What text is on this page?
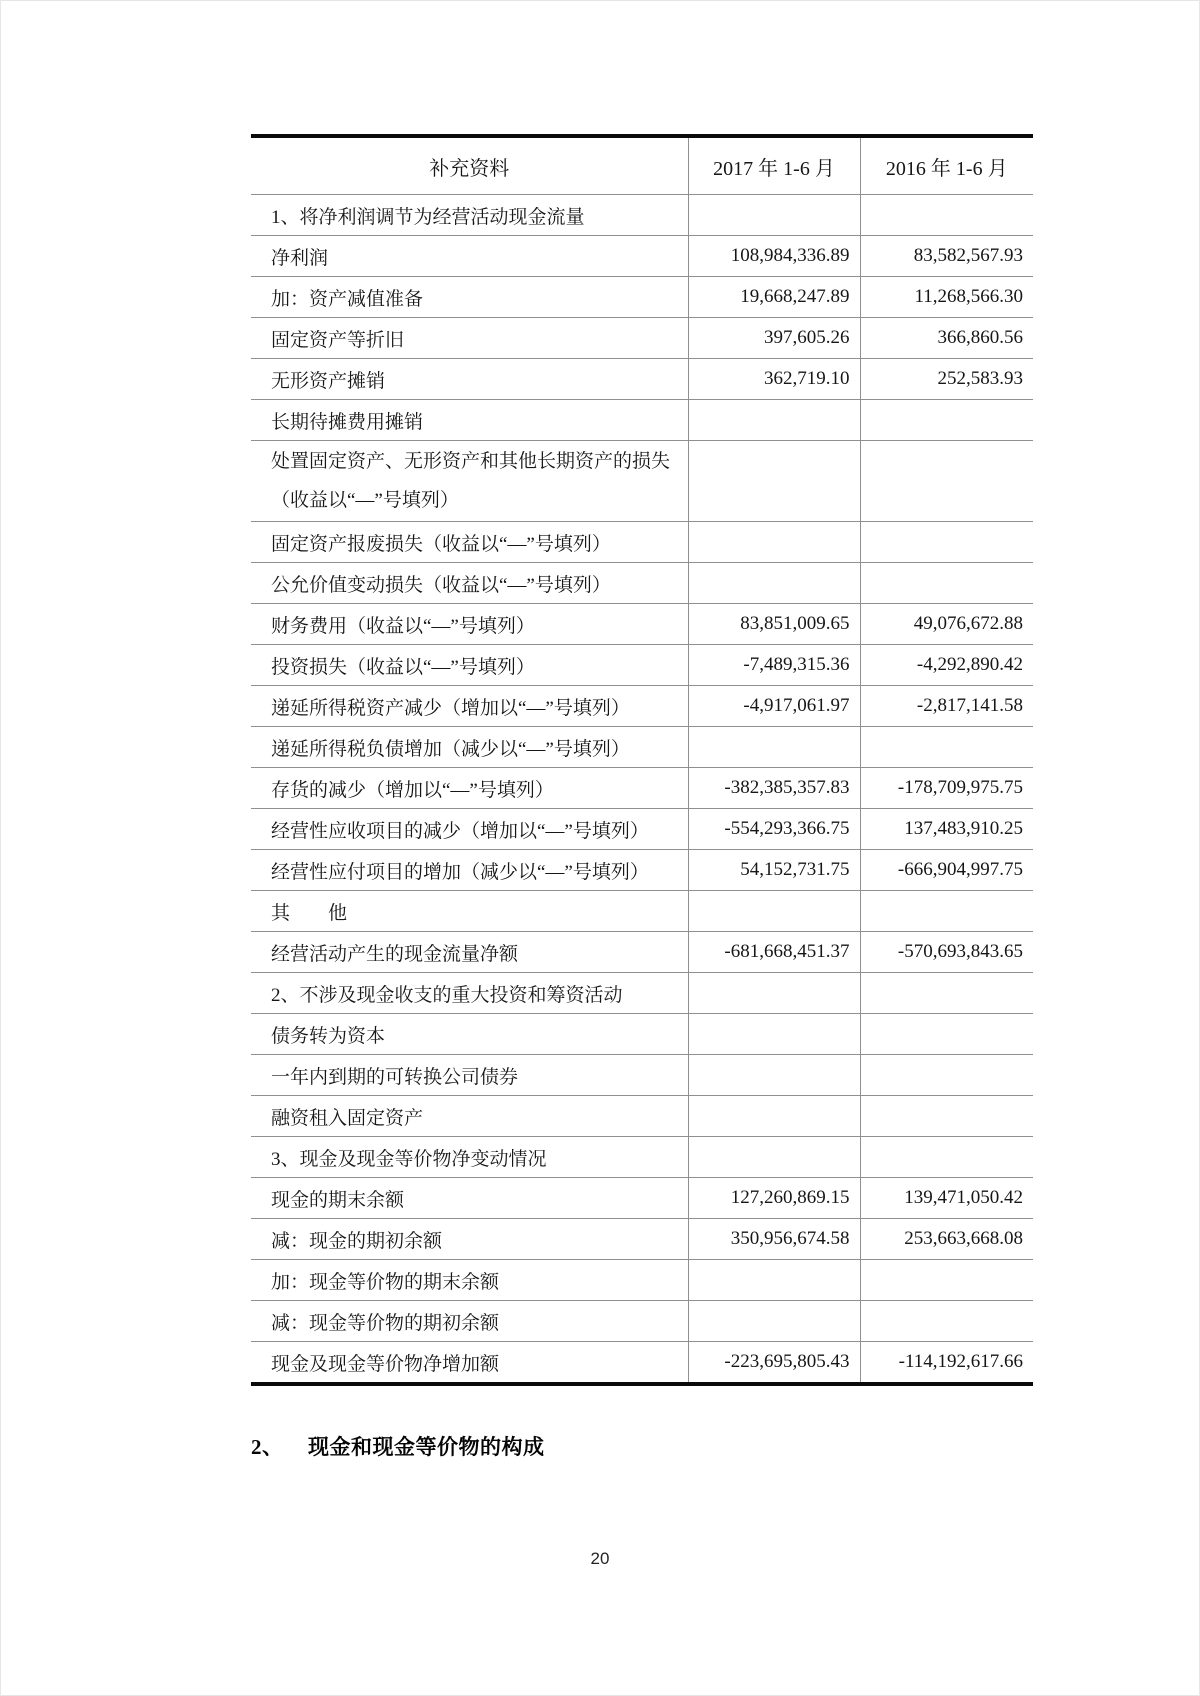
补充资料	2017 年 1-6 月	2016 年 1-6 月
1、将净利润调节为经营活动现金流量		
净利润	108,984,336.89	83,582,567.93
加：资产减值准备	19,668,247.89	11,268,566.30
固定资产等折旧	397,605.26	366,860.56
无形资产摊销	362,719.10	252,583.93
长期待摊费用摊销		

处置固定资产、无形资产和其他长期资产的损失
（收益以“—”号填列）		

固定资产报废损失（收益以“—”号填列）		
公允价值变动损失（收益以“—”号填列）		
财务费用（收益以“—”号填列）	83,851,009.65	49,076,672.88
投资损失（收益以“—”号填列）	-7,489,315.36	-4,292,890.42
递延所得税资产减少（增加以“—”号填列）	-4,917,061.97	-2,817,141.58
递延所得税负债增加（减少以“—”号填列）		
存货的减少（增加以“—”号填列）	-382,385,357.83	-178,709,975.75
经营性应收项目的减少（增加以“—”号填列）	-554,293,366.75	137,483,910.25
经营性应付项目的增加（减少以“—”号填列）	54,152,731.75	-666,904,997.75
其　　他		
经营活动产生的现金流量净额	-681,668,451.37	-570,693,843.65
2、不涉及现金收支的重大投资和筹资活动		
债务转为资本		
一年内到期的可转换公司债券		
融资租入固定资产		
3、现金及现金等价物净变动情况		
现金的期末余额	127,260,869.15	139,471,050.42
减：现金的期初余额	350,956,674.58	253,663,668.08
加：现金等价物的期末余额		
减：现金等价物的期初余额		
现金及现金等价物净增加额	-223,695,805.43	-114,192,617.66
2、 现金和现金等价物的构成
20
